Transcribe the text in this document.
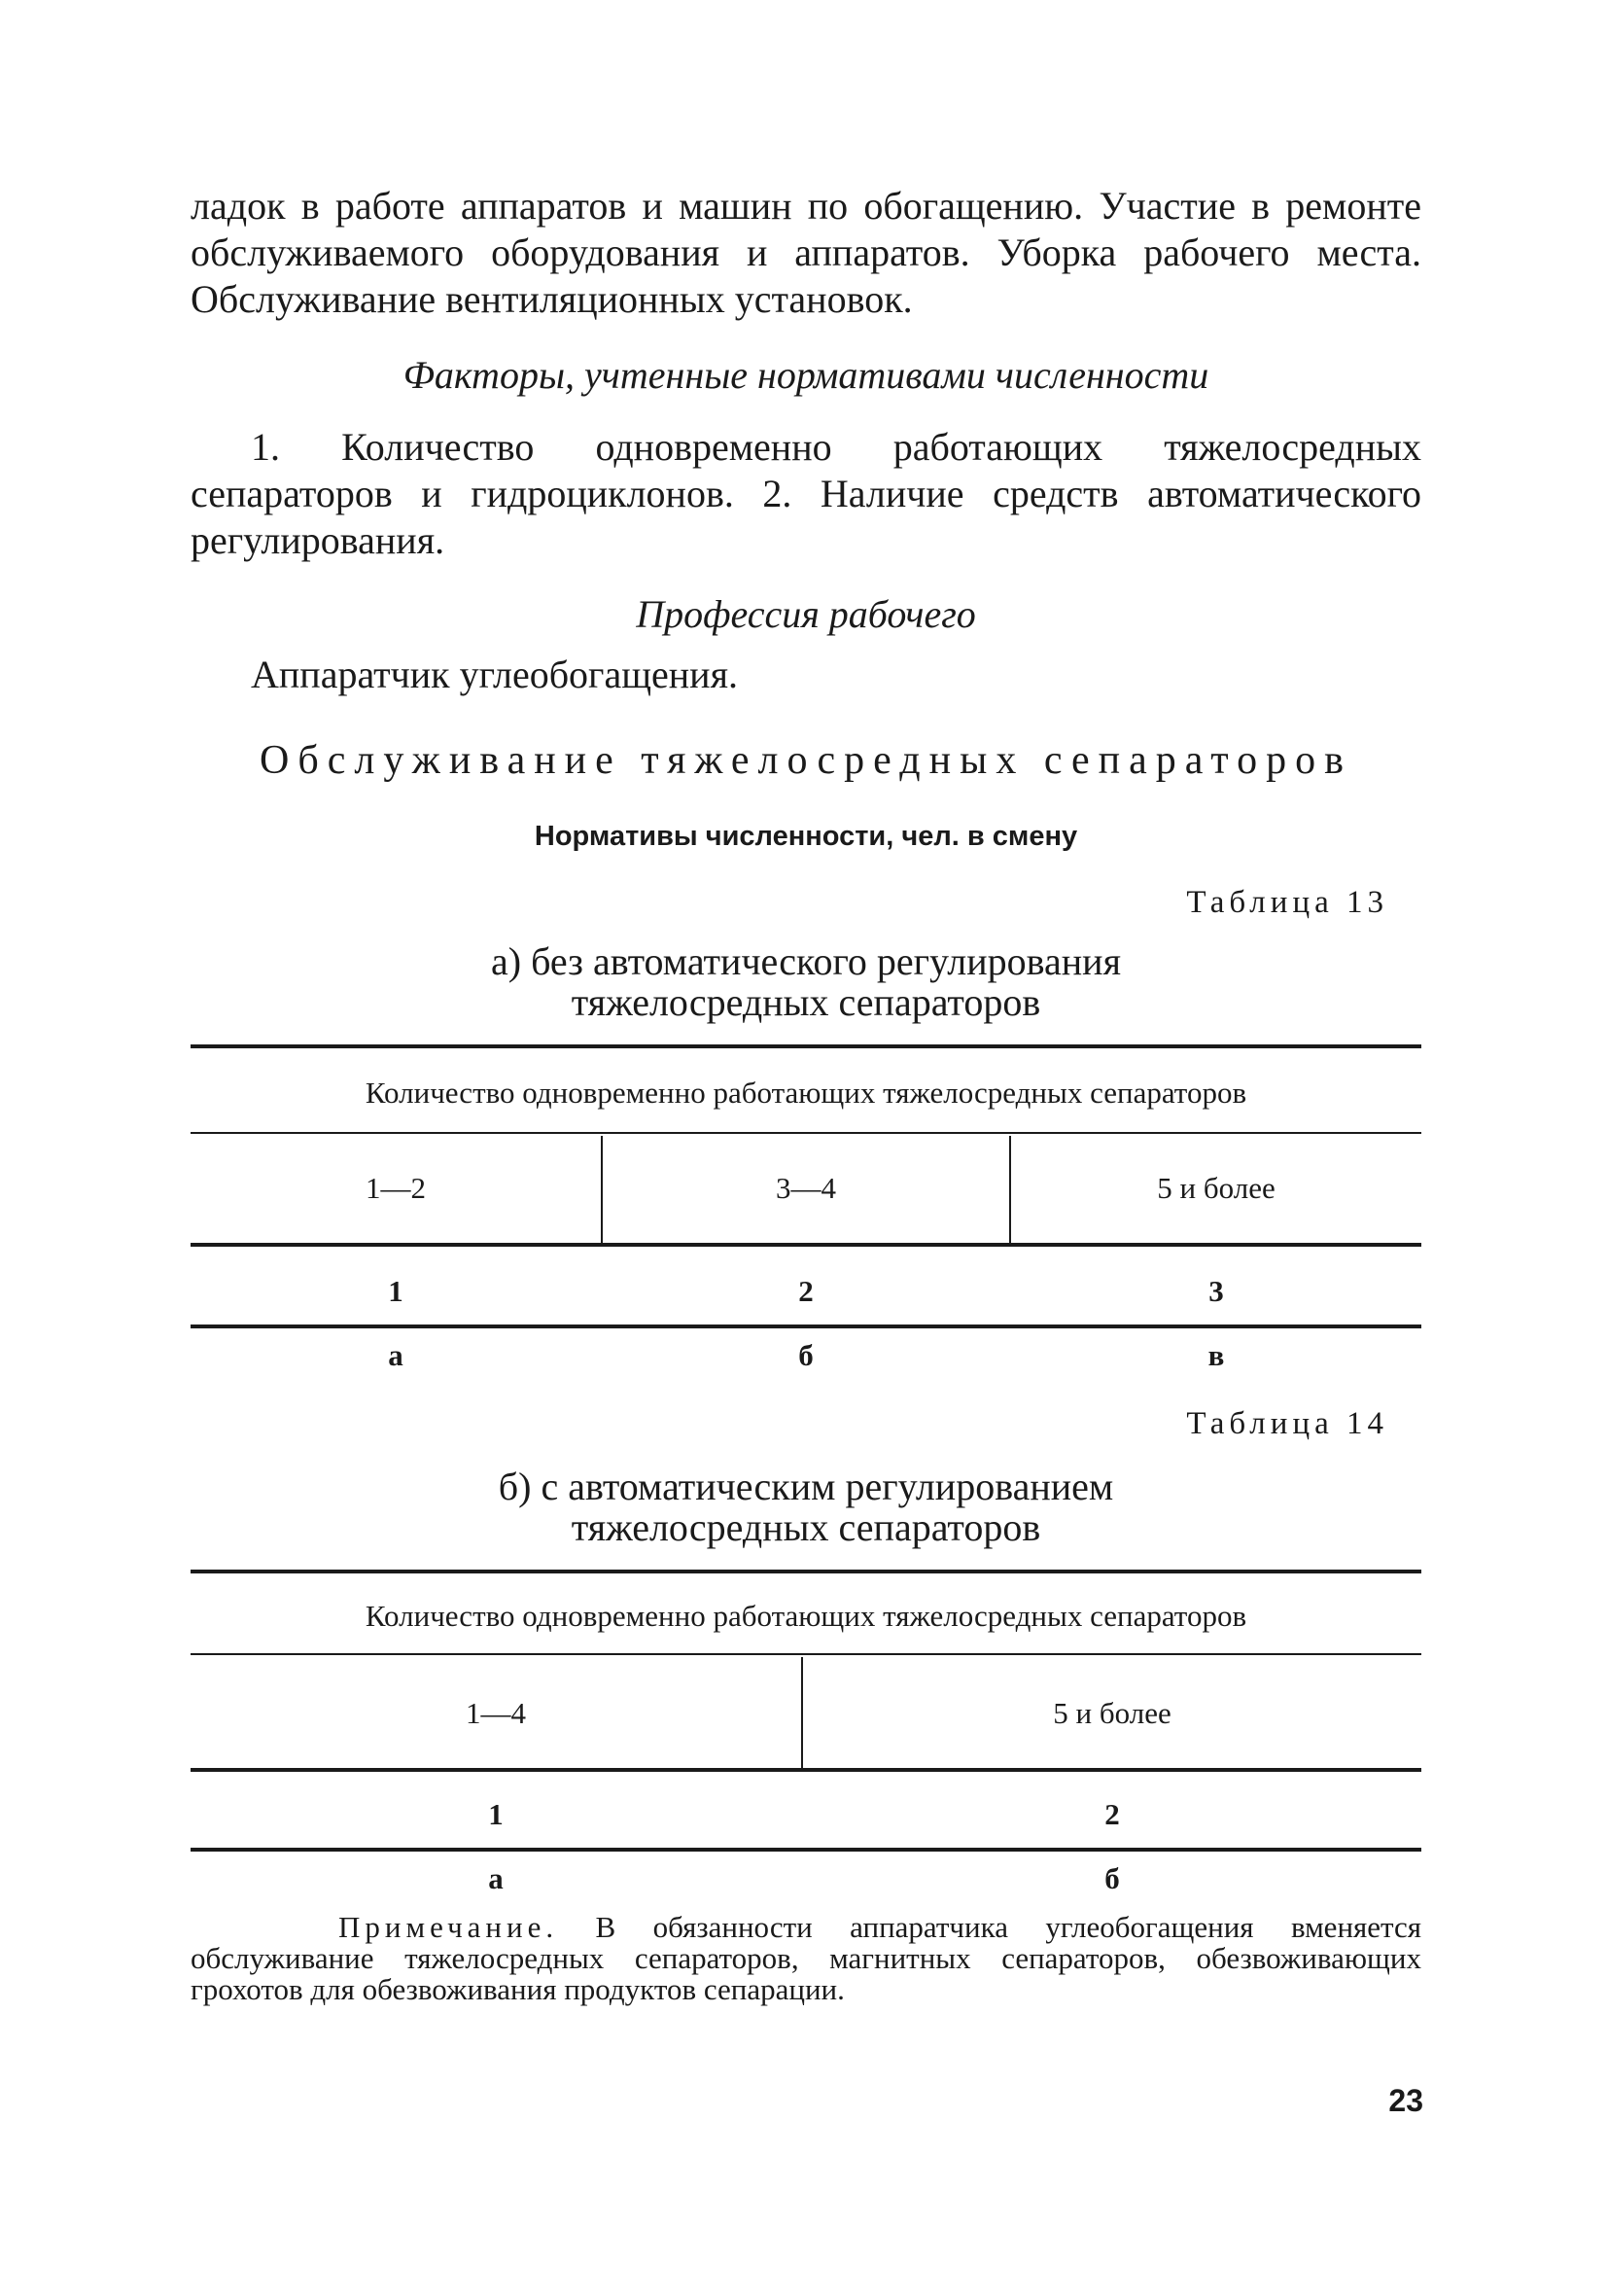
ладок в работе аппаратов и машин по обогащению. Участие в ремонте обслуживаемого оборудования и аппаратов. Уборка рабочего места. Обслуживание вентиляционных установок.

Факторы, учтенные нормативами численности

1. Количество одновременно работающих тяжелосредных сепараторов и гидроциклонов. 2. Наличие средств автоматического регулирования.

Профессия рабочего

Аппаратчик углеобогащения.

Обслуживание тяжелосредных сепараторов
Нормативы численности, чел. в смену
Таблица 13
а) без автоматического регулирования
тяжелосредных сепараторов
Количество одновременно работающих тяжелосредных сепараторов
1—2	3—4	5 и более
1	2	3
а	б	в
Таблица 14
б) с автоматическим регулированием
тяжелосредных сепараторов
Количество одновременно работающих тяжелосредных сепараторов
1—4	5 и более
1	2
а	б
Примечание. В обязанности аппаратчика углеобогащения вменяется обслуживание тяжелосредных сепараторов, магнитных сепараторов, обезвоживающих грохотов для обезвоживания продуктов сепарации.
23
